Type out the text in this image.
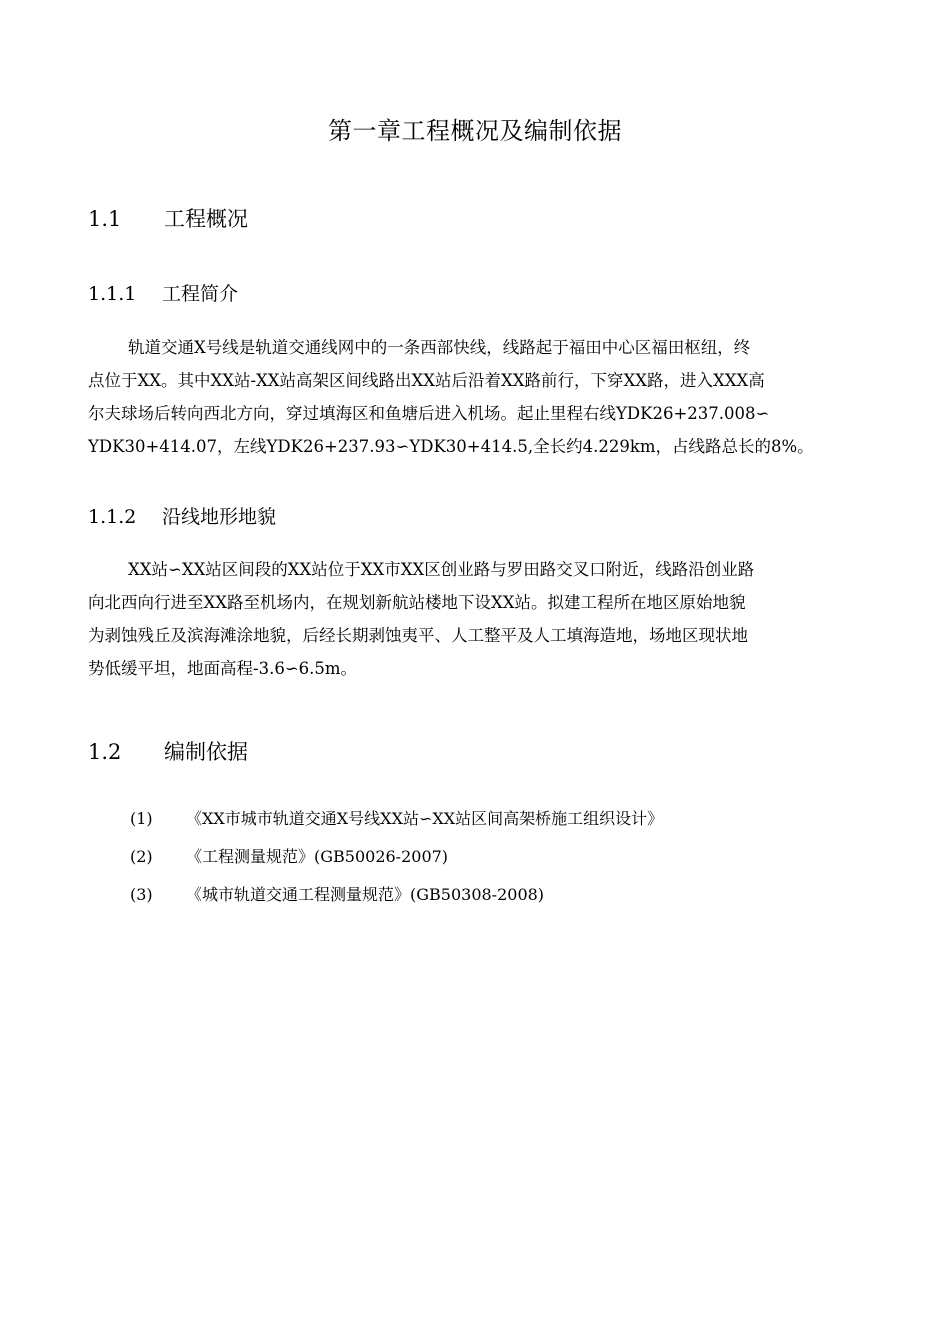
第一章工程概况及编制依据
1.1 工程概况
1.1.1 工程简介
轨道交通X号线是轨道交通线网中的一条西部快线，线路起于福田中心区福田枢纽，终
点位于XX。其中XX站-XX站高架区间线路出XX站后沿着XX路前行，下穿XX路，进入XXX高
尔夫球场后转向西北方向，穿过填海区和鱼塘后进入机场。起止里程右线YDK26+237.008∽
YDK30+414.07，左线YDK26+237.93∽YDK30+414.5,全长约4.229km，占线路总长的8%。
1.1.2 沿线地形地貌
XX站∽XX站区间段的XX站位于XX市XX区创业路与罗田路交叉口附近，线路沿创业路
向北西向行进至XX路至机场内，在规划新航站楼地下设XX站。拟建工程所在地区原始地貌
为剥蚀残丘及滨海滩涂地貌，后经长期剥蚀夷平、人工整平及人工填海造地，场地区现状地
势低缓平坦，地面高程-3.6∽6.5m。
1.2 编制依据
(1) 《XX市城市轨道交通X号线XX站∽XX站区间高架桥施工组织设计》
(2) 《工程测量规范》(GB50026-2007)
(3) 《城市轨道交通工程测量规范》(GB50308-2008)
